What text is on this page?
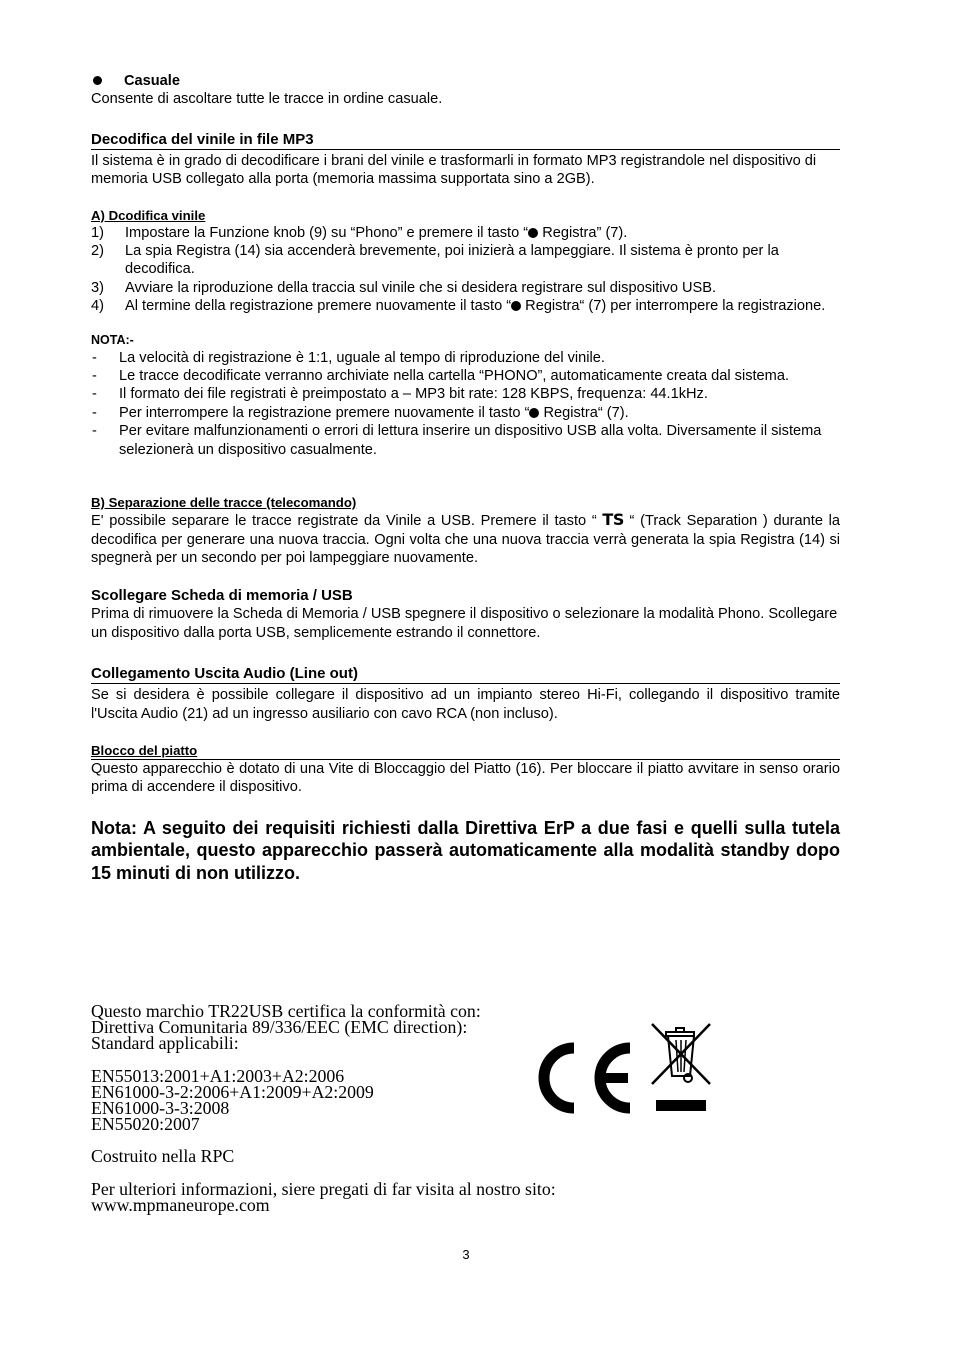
Casuale

Consente di ascoltare tutte le tracce in ordine casuale.

Decodifica del vinile in file MP3

Il sistema è in grado di decodificare i brani del vinile e trasformarli in formato MP3 registrandole nel dispositivo di memoria USB collegato alla porta (memoria massima supportata sino a 2GB).

A) Dcodifica vinile
1) Impostare la Funzione knob (9) su “Phono” e premere il tasto “ Registra” (7).
2) La spia Registra (14) sia accenderà brevemente, poi inizierà a lampeggiare. Il sistema è pronto per la decodifica.
3) Avviare la riproduzione della traccia sul vinile che si desidera registrare sul dispositivo USB.
4) Al termine della registrazione premere nuovamente il tasto “ Registra“ (7) per interrompere la registrazione.
NOTA:-
- La velocità di registrazione è 1:1, uguale al tempo di riproduzione del vinile.
- Le tracce decodificate verranno archiviate nella cartella “PHONO”, automaticamente creata dal sistema.
- Il formato dei file registrati è preimpostato a – MP3 bit rate: 128 KBPS, frequenza: 44.1kHz.
- Per interrompere la registrazione premere nuovamente il tasto “ Registra“ (7).
- Per evitare malfunzionamenti o errori di lettura inserire un dispositivo USB alla volta. Diversamente il sistema selezionerà un dispositivo casualmente.
B) Separazione delle tracce (telecomando)

E' possibile separare le tracce registrate da Vinile a USB. Premere il tasto “ TS “ (Track Separation ) durante la decodifica per generare una nuova traccia. Ogni volta che una nuova traccia verrà generata la spia Registra (14) si spegnerà per un secondo per poi lampeggiare nuovamente.

Scollegare Scheda di memoria / USB

Prima di rimuovere la Scheda di Memoria / USB spegnere il dispositivo o selezionare la modalità Phono. Scollegare un dispositivo dalla porta USB, semplicemente estrando il connettore.

Collegamento Uscita Audio (Line out)

Se si desidera è possibile collegare il dispositivo ad un impianto stereo Hi-Fi, collegando il dispositivo tramite l'Uscita Audio (21) ad un ingresso ausiliario con cavo RCA (non incluso).

Blocco del piatto

Questo apparecchio è dotato di una Vite di Bloccaggio del Piatto (16). Per bloccare il piatto avvitare in senso orario prima di accendere il dispositivo.

Nota: A seguito dei requisiti richiesti dalla Direttiva ErP a due fasi e quelli sulla tutela ambientale, questo apparecchio passerà automaticamente alla modalità standby dopo 15 minuti di non utilizzo.

Questo marchio TR22USB certifica la conformità con:

Direttiva Comunitaria 89/336/EEC (EMC direction):

Standard applicabili:

EN55013:2001+A1:2003+A2:2006

EN61000-3-2:2006+A1:2009+A2:2009

EN61000-3-3:2008

EN55020:2007

Costruito nella RPC

Per ulteriori informazioni, siere pregati di far visita al nostro sito:

www.mpmaneurope.com

3
